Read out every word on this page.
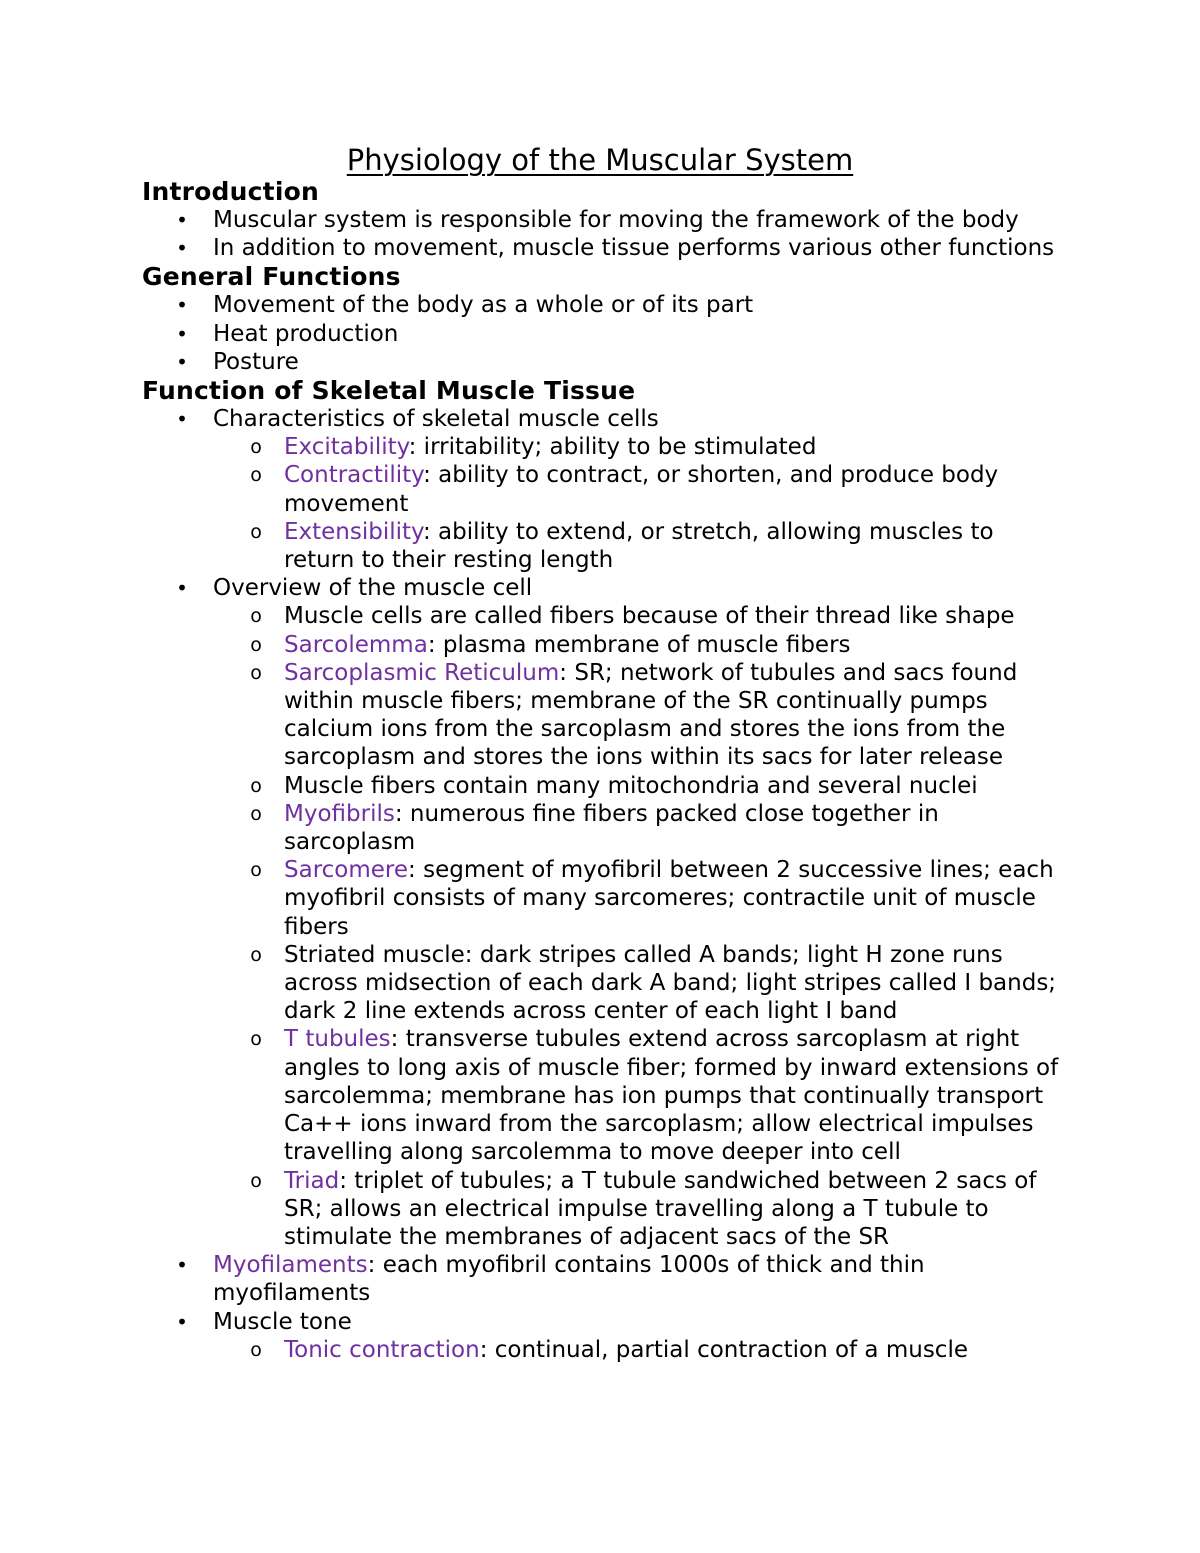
Physiology of the Muscular System
Introduction
• Muscular system is responsible for moving the framework of the body
• In addition to movement, muscle tissue performs various other functions
General Functions
• Movement of the body as a whole or of its part
• Heat production
• Posture
Function of Skeletal Muscle Tissue
• Characteristics of skeletal muscle cells
o Excitability: irritability; ability to be stimulated
o Contractility: ability to contract, or shorten, and produce body movement
o Extensibility: ability to extend, or stretch, allowing muscles to return to their resting length
• Overview of the muscle cell
o Muscle cells are called fibers because of their thread like shape
o Sarcolemma: plasma membrane of muscle fibers
o Sarcoplasmic Reticulum: SR; network of tubules and sacs found within muscle fibers; membrane of the SR continually pumps calcium ions from the sarcoplasm and stores the ions from the sarcoplasm and stores the ions within its sacs for later release
o Muscle fibers contain many mitochondria and several nuclei
o Myofibrils: numerous fine fibers packed close together in sarcoplasm
o Sarcomere: segment of myofibril between 2 successive lines; each myofibril consists of many sarcomeres; contractile unit of muscle fibers
o Striated muscle: dark stripes called A bands; light H zone runs across midsection of each dark A band; light stripes called I bands; dark 2 line extends across center of each light I band
o T tubules: transverse tubules extend across sarcoplasm at right angles to long axis of muscle fiber; formed by inward extensions of sarcolemma; membrane has ion pumps that continually transport Ca++ ions inward from the sarcoplasm; allow electrical impulses travelling along sarcolemma to move deeper into cell
o Triad: triplet of tubules; a T tubule sandwiched between 2 sacs of SR; allows an electrical impulse travelling along a T tubule to stimulate the membranes of adjacent sacs of the SR
• Myofilaments: each myofibril contains 1000s of thick and thin myofilaments
• Muscle tone
o Tonic contraction: continual, partial contraction of a muscle
